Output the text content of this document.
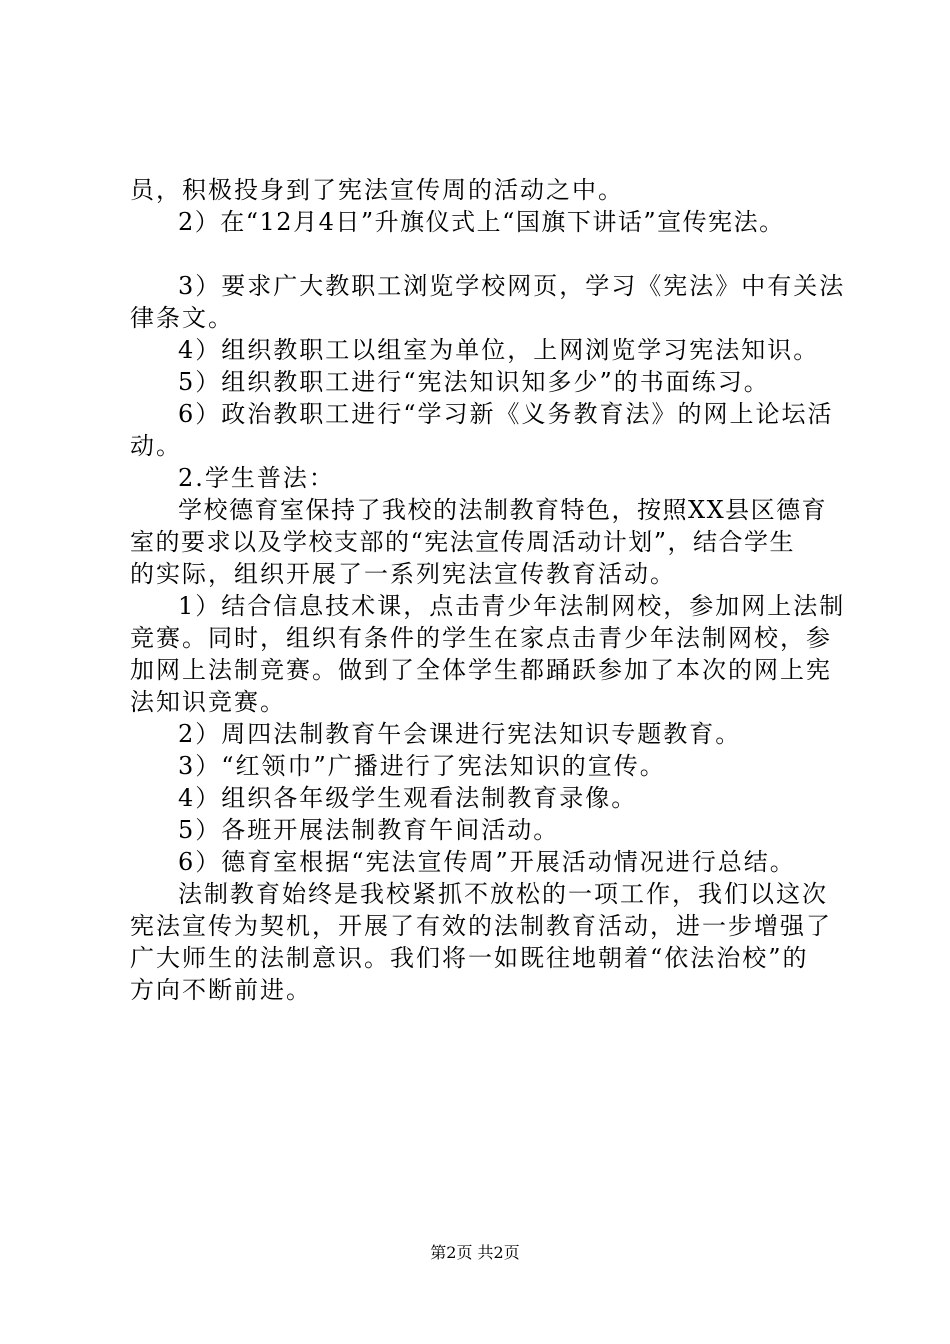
员，积极投身到了宪法宣传周的活动之中。
2）在“12月4日”升旗仪式上“国旗下讲话”宣传宪法。
3）要求广大教职工浏览学校网页，学习《宪法》中有关法
律条文。
4）组织教职工以组室为单位，上网浏览学习宪法知识。
5）组织教职工进行“宪法知识知多少”的书面练习。
6）政治教职工进行“学习新《义务教育法》的网上论坛活
动。
2.学生普法：
学校德育室保持了我校的法制教育特色，按照XX县区德育
室的要求以及学校支部的“宪法宣传周活动计划”，结合学生
的实际，组织开展了一系列宪法宣传教育活动。
1）结合信息技术课，点击青少年法制网校，参加网上法制
竞赛。同时，组织有条件的学生在家点击青少年法制网校，参
加网上法制竞赛。做到了全体学生都踊跃参加了本次的网上宪
法知识竞赛。
2）周四法制教育午会课进行宪法知识专题教育。
3）“红领巾”广播进行了宪法知识的宣传。
4）组织各年级学生观看法制教育录像。
5）各班开展法制教育午间活动。
6）德育室根据“宪法宣传周”开展活动情况进行总结。
法制教育始终是我校紧抓不放松的一项工作，我们以这次
宪法宣传为契机，开展了有效的法制教育活动，进一步增强了
广大师生的法制意识。我们将一如既往地朝着“依法治校”的
方向不断前进。
第2页 共2页
